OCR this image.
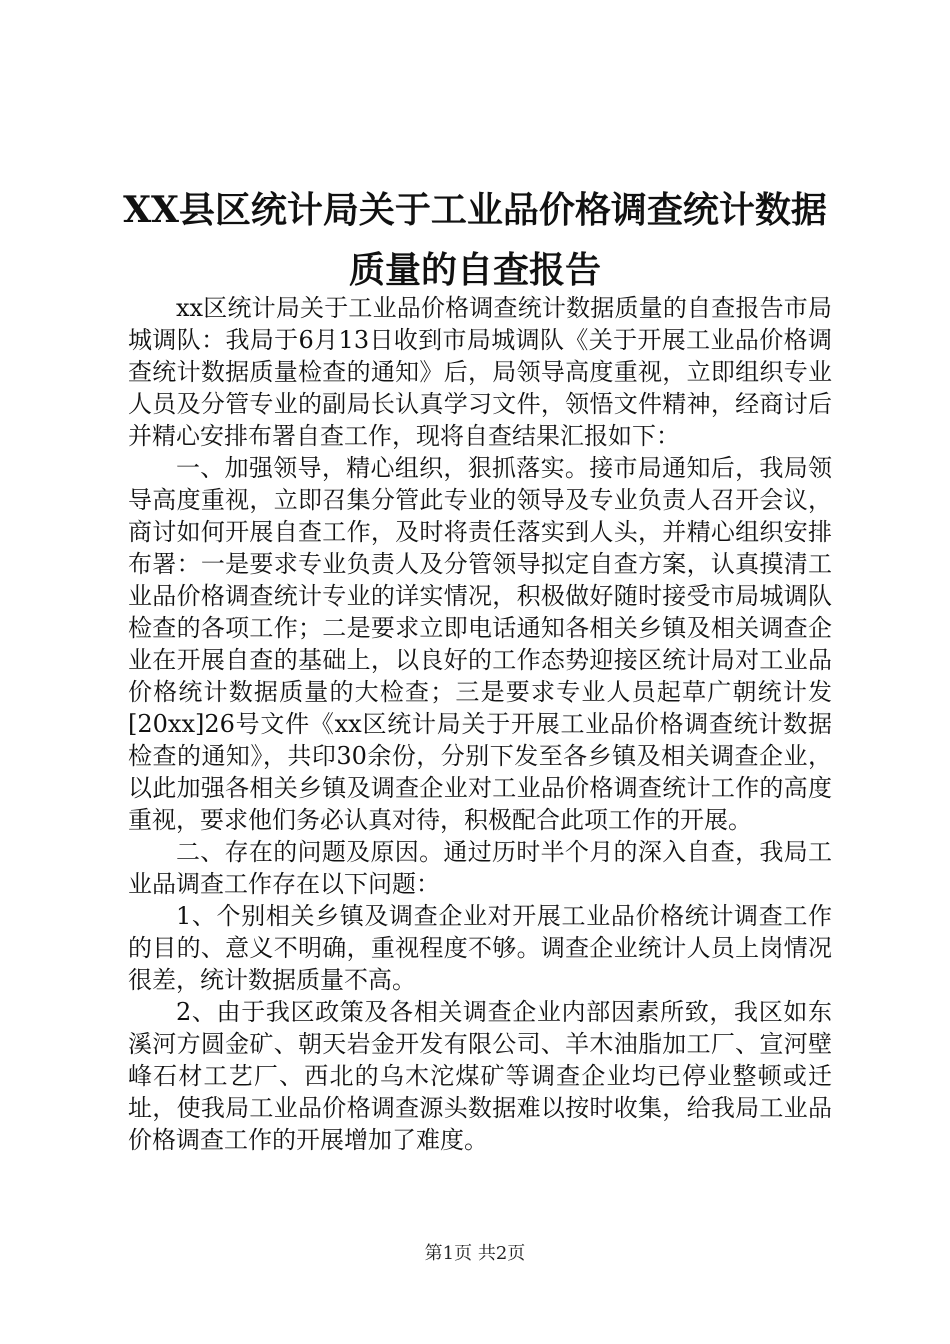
XX县区统计局关于工业品价格调查统计数据
质量的自查报告

xx区统计局关于工业品价格调查统计数据质量的自查报告市局城调队：我局于6月13日收到市局城调队《关于开展工业品价格调查统计数据质量检查的通知》后，局领导高度重视，立即组织专业人员及分管专业的副局长认真学习文件，领悟文件精神，经商讨后并精心安排布署自查工作，现将自查结果汇报如下：

一、加强领导，精心组织，狠抓落实。接市局通知后，我局领导高度重视，立即召集分管此专业的领导及专业负责人召开会议，商讨如何开展自查工作，及时将责任落实到人头，并精心组织安排布署：一是要求专业负责人及分管领导拟定自查方案，认真摸清工业品价格调查统计专业的详实情况，积极做好随时接受市局城调队检查的各项工作；二是要求立即电话通知各相关乡镇及相关调查企业在开展自查的基础上，以良好的工作态势迎接区统计局对工业品价格统计数据质量的大检查；三是要求专业人员起草广朝统计发[20xx]26号文件《xx区统计局关于开展工业品价格调查统计数据检查的通知》，共印30余份，分别下发至各乡镇及相关调查企业，以此加强各相关乡镇及调查企业对工业品价格调查统计工作的高度重视，要求他们务必认真对待，积极配合此项工作的开展。

二、存在的问题及原因。通过历时半个月的深入自查，我局工业品调查工作存在以下问题：

1、个别相关乡镇及调查企业对开展工业品价格统计调查工作的目的、意义不明确，重视程度不够。调查企业统计人员上岗情况很差，统计数据质量不高。

2、由于我区政策及各相关调查企业内部因素所致，我区如东溪河方圆金矿、朝天岩金开发有限公司、羊木油脂加工厂、宣河壁峰石材工艺厂、西北的乌木沱煤矿等调查企业均已停业整顿或迁址，使我局工业品价格调查源头数据难以按时收集，给我局工业品价格调查工作的开展增加了难度。

第1页 共2页
